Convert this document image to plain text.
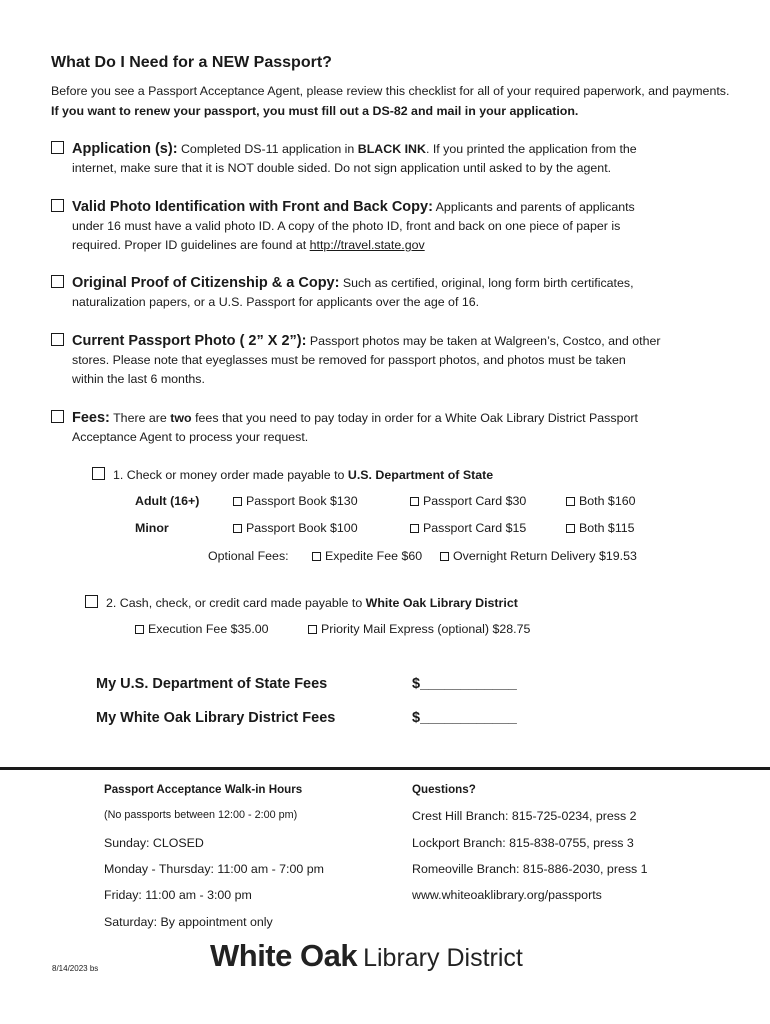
What Do I Need for a NEW Passport?
Before you see a Passport Acceptance Agent, please review this checklist for all of your required paperwork, and payments. If you want to renew your passport, you must fill out a DS-82 and mail in your application.
Application (s): Completed DS-11 application in BLACK INK. If you printed the application from the
internet, make sure that it is NOT double sided. Do not sign application until asked to by the agent.
Valid Photo Identification with Front and Back Copy: Applicants and parents of applicants
under 16 must have a valid photo ID. A copy of the photo ID, front and back on one piece of paper is
required. Proper ID guidelines are found at http://travel.state.gov
Original Proof of Citizenship & a Copy: Such as certified, original, long form birth certificates,
naturalization papers, or a U.S. Passport for applicants over the age of 16.
Current Passport Photo ( 2” X 2”): Passport photos may be taken at Walgreen’s, Costco, and other
stores. Please note that eyeglasses must be removed for passport photos, and photos must be taken
within the last 6 months.
Fees: There are two fees that you need to pay today in order for a White Oak Library District Passport
Acceptance Agent to process your request.
1. Check or money order made payable to U.S. Department of State
Adult (16+)	Passport Book $130	Passport Card $30	Both $160
Minor	Passport Book $100	Passport Card $15	Both $115
Optional Fees:	Expedite Fee $60	Overnight Return Delivery $19.53
2. Cash, check, or credit card made payable to White Oak Library District
Execution Fee $35.00	Priority Mail Express (optional) $28.75
My U.S. Department of State Fees	$____________
My White Oak Library District Fees	$____________
Passport Acceptance Walk-in Hours
(No passports between 12:00 - 2:00 pm)
Sunday: CLOSED
Monday - Thursday: 11:00 am - 7:00 pm
Friday: 11:00 am - 3:00 pm
Saturday: By appointment only
Questions?
Crest Hill Branch: 815-725-0234, press 2
Lockport Branch: 815-838-0755, press 3
Romeoville Branch: 815-886-2030, press 1
www.whiteoaklibrary.org/passports
8/14/2023 bs	White Oak Library District
